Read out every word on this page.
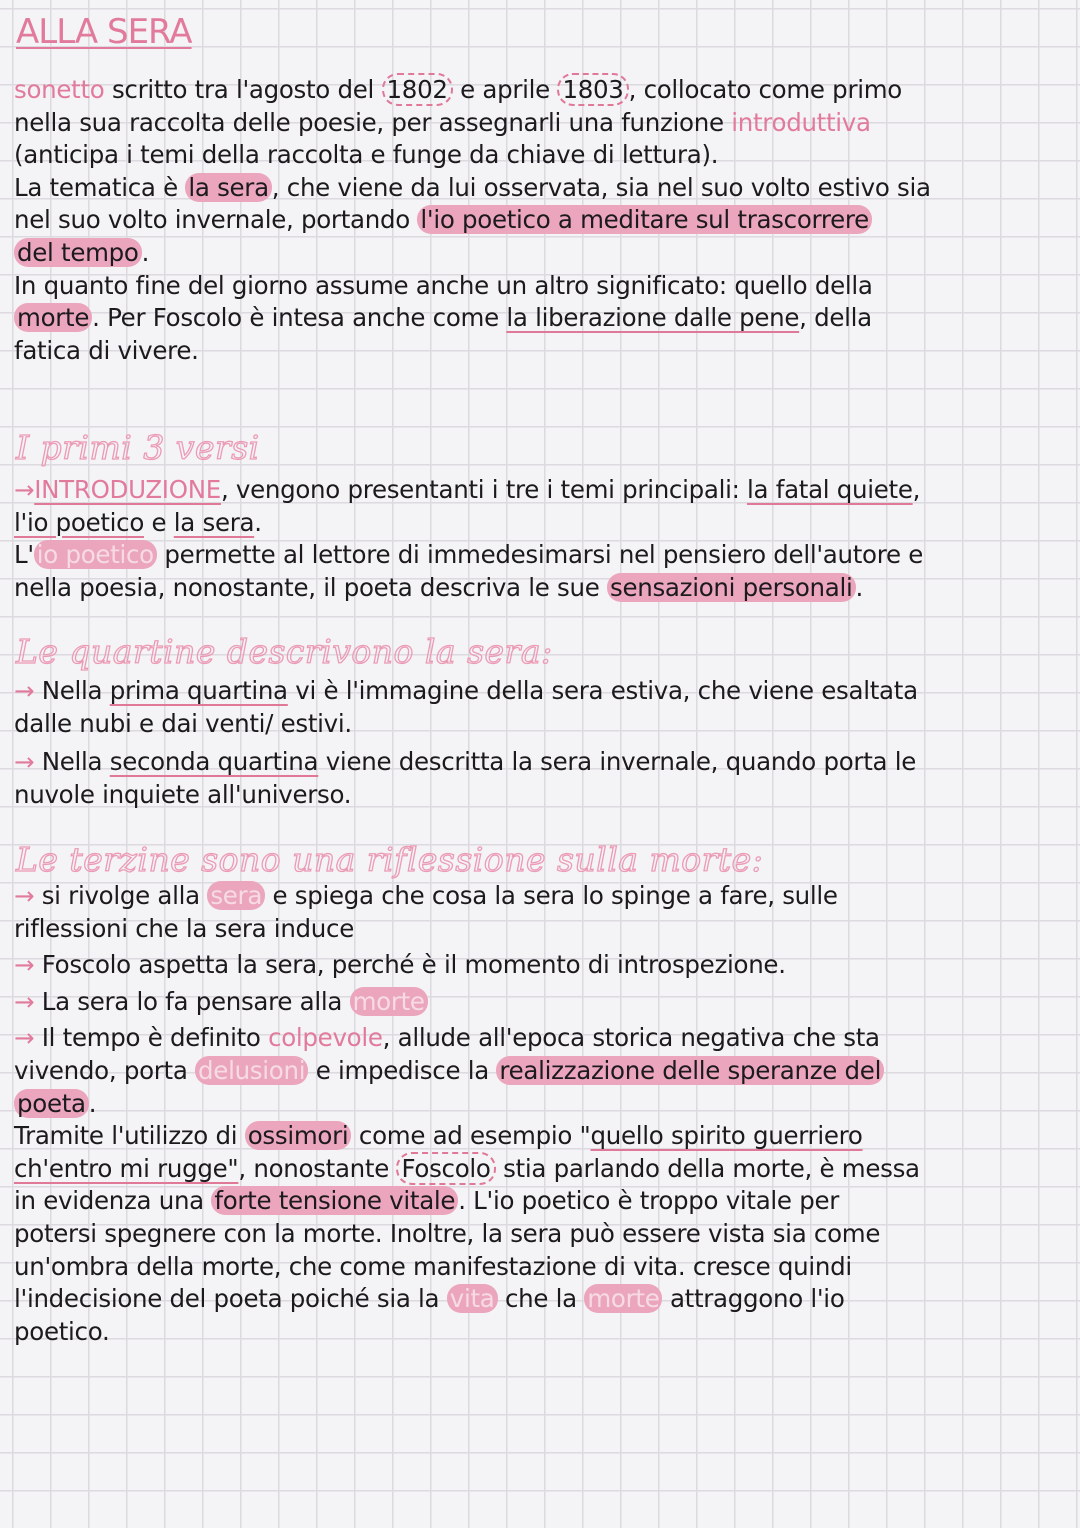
ALLA SERA
sonetto scritto tra l'agosto del 1802 e aprile 1803 , collocato come primo
nella sua raccolta delle poesie, per assegnarli una funzione introduttiva
(anticipa i temi della raccolta e funge da chiave di lettura).
La tematica è la sera , che viene da lui osservata, sia nel suo volto estivo sia
nel suo volto invernale, portando l'io poetico a meditare sul trascorrere
del tempo .
In quanto fine del giorno assume anche un altro significato: quello della
morte . Per Foscolo è intesa anche come la liberazione dalle pene, della
fatica di vivere.
I primi 3 versi
→INTRODUZIONE, vengono presentanti i tre i temi principali: la fatal quiete,
l'io poetico e la sera.
L' io poetico permette al lettore di immedesimarsi nel pensiero dell'autore e
nella poesia, nonostante, il poeta descriva le sue sensazioni personali .
Le quartine descrivono la sera:
→ Nella prima quartina vi è l'immagine della sera estiva, che viene esaltata
dalle nubi e dai venti/ estivi.
→ Nella seconda quartina viene descritta la sera invernale, quando porta le
nuvole inquiete all'universo.
Le terzine sono una riflessione sulla morte:
→ si rivolge alla sera e spiega che cosa la sera lo spinge a fare, sulle
riflessioni che la sera induce
→ Foscolo aspetta la sera, perché è il momento di introspezione.
→ La sera lo fa pensare alla morte
→ Il tempo è definito colpevole, allude all'epoca storica negativa che sta
vivendo, porta delusioni e impedisce la realizzazione delle speranze del
poeta .
Tramite l'utilizzo di ossimori come ad esempio "quello spirito guerriero
ch'entro mi rugge", nonostante Foscolo stia parlando della morte, è messa
in evidenza una forte tensione vitale . L'io poetico è troppo vitale per
potersi spegnere con la morte. Inoltre, la sera può essere vista sia come
un'ombra della morte, che come manifestazione di vita. cresce quindi
l'indecisione del poeta poiché sia la vita che la morte attraggono l'io
poetico.
